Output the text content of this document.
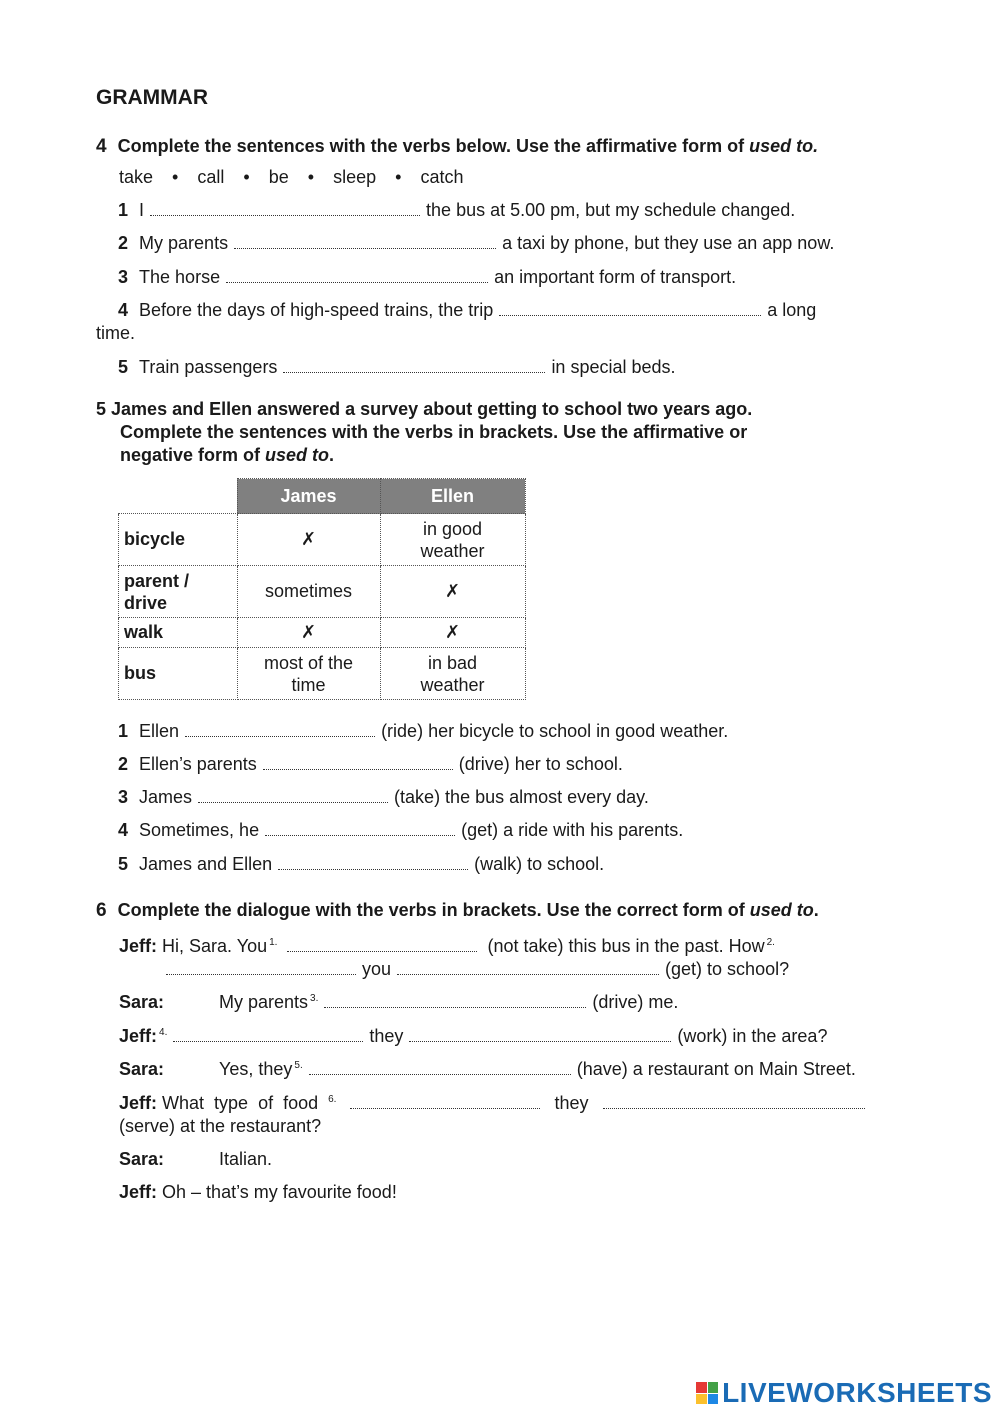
GRAMMAR
4 Complete the sentences with the verbs below. Use the affirmative form of used to.
take • call • be • sleep • catch
1 I	the bus at 5.00 pm, but my schedule changed.
2 My parents	a taxi by phone, but they use an app now.
3 The horse	an important form of transport.
4 Before the days of high-speed trains, the trip	a long
time.
5 Train passengers	in special beds.
5 James and Ellen answered a survey about getting to school two years ago.
Complete the sentences with the verbs in brackets. Use the affirmative or
negative form of used to.
	James	Ellen
bicycle	✗	in good weather
parent / drive	sometimes	✗
walk	✗	✗
bus	most of the time	in bad weather
1 Ellen	(ride) her bicycle to school in good weather.
2 Ellen’s parents	(drive) her to school.
3 James	(take) the bus almost every day.
4 Sometimes, he	(get) a ride with his parents.
5 James and Ellen	(walk) to school.
6 Complete the dialogue with the verbs in brackets. Use the correct form of used to.
Jeff: Hi, Sara. You $^{1.}$	(not take) this bus in the past. How $^{2.}$
you	(get) to school?
Sara:	My parents $^{3.}$	(drive) me.
Jeff: $^{4.}$	they	(work) in the area?
Sara:	Yes, they $^{5.}$	(have) a restaurant on Main Street.
Jeff: What type of food $^{6.}$	they
(serve) at the restaurant?
Sara:	Italian.
Jeff: Oh – that’s my favourite food!
LIVEWORKSHEETS
